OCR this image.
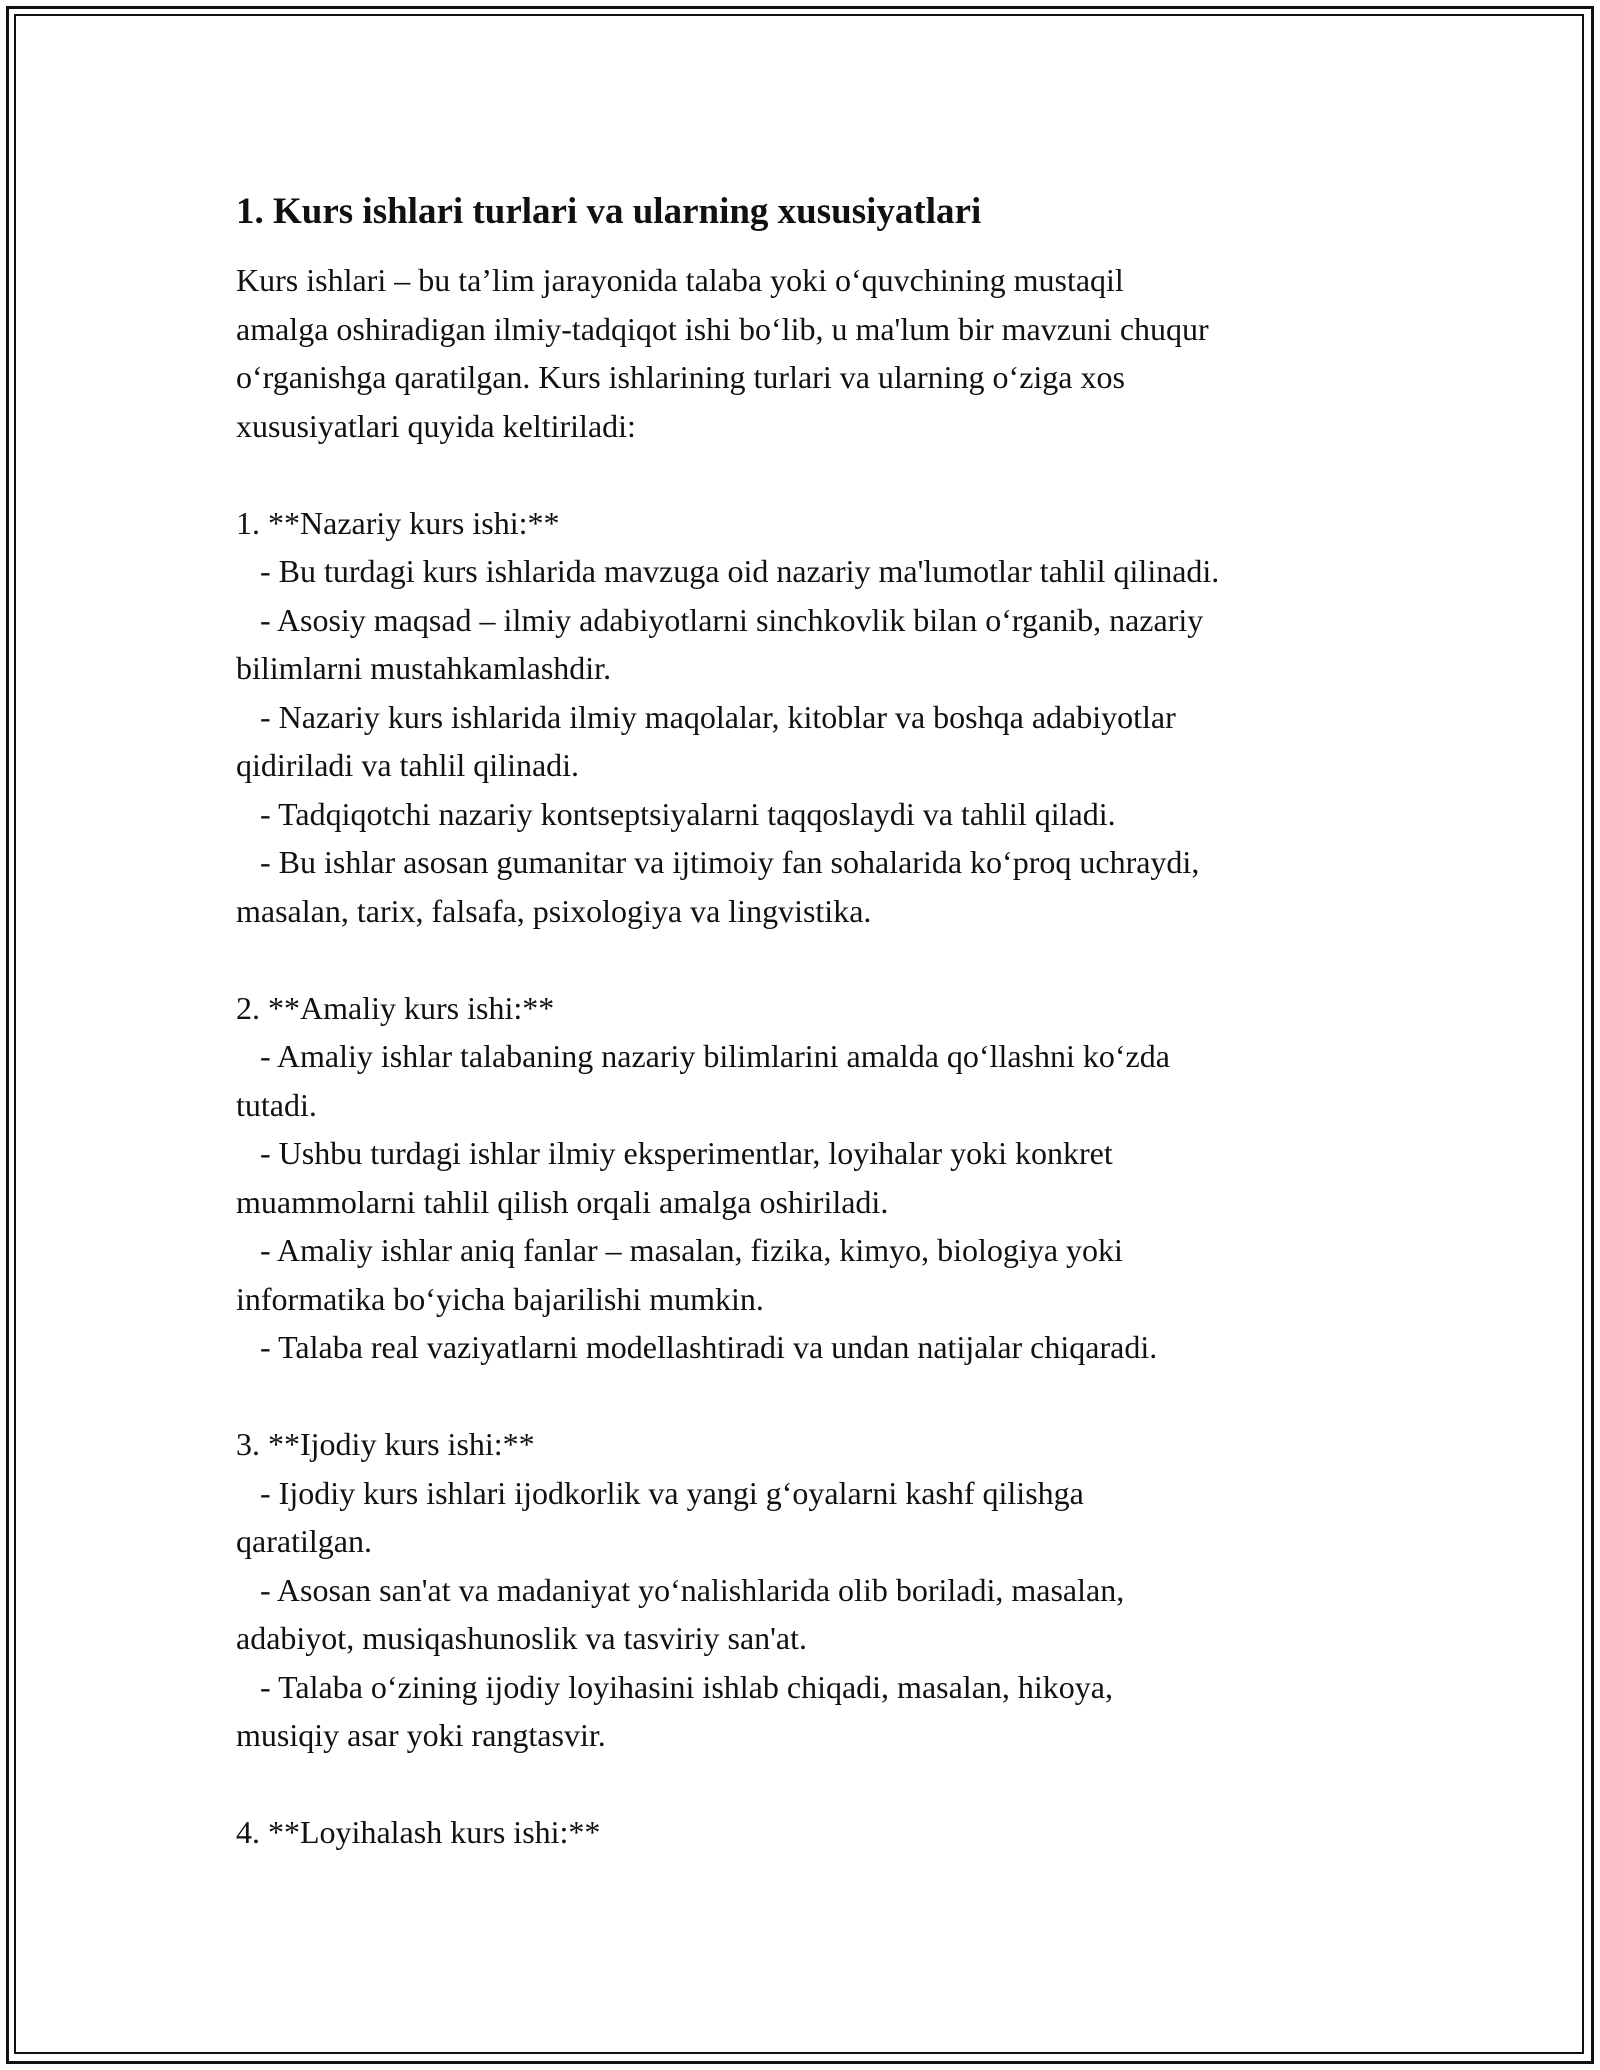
1. Kurs ishlari turlari va ularning xususiyatlari

Kurs ishlari – bu ta’lim jarayonida talaba yoki o‘quvchining mustaqil

amalga oshiradigan ilmiy-tadqiqot ishi bo‘lib, u ma'lum bir mavzuni chuqur

o‘rganishga qaratilgan. Kurs ishlarining turlari va ularning o‘ziga xos

xususiyatlari quyida keltiriladi:

1. **Nazariy kurs ishi:**

- Bu turdagi kurs ishlarida mavzuga oid nazariy ma'lumotlar tahlil qilinadi.

- Asosiy maqsad – ilmiy adabiyotlarni sinchkovlik bilan o‘rganib, nazariy

bilimlarni mustahkamlashdir.

- Nazariy kurs ishlarida ilmiy maqolalar, kitoblar va boshqa adabiyotlar

qidiriladi va tahlil qilinadi.

- Tadqiqotchi nazariy kontseptsiyalarni taqqoslaydi va tahlil qiladi.

- Bu ishlar asosan gumanitar va ijtimoiy fan sohalarida ko‘proq uchraydi,

masalan, tarix, falsafa, psixologiya va lingvistika.

2. **Amaliy kurs ishi:**

- Amaliy ishlar talabaning nazariy bilimlarini amalda qo‘llashni ko‘zda

tutadi.

- Ushbu turdagi ishlar ilmiy eksperimentlar, loyihalar yoki konkret

muammolarni tahlil qilish orqali amalga oshiriladi.

- Amaliy ishlar aniq fanlar – masalan, fizika, kimyo, biologiya yoki

informatika bo‘yicha bajarilishi mumkin.

- Talaba real vaziyatlarni modellashtiradi va undan natijalar chiqaradi.

3. **Ijodiy kurs ishi:**

- Ijodiy kurs ishlari ijodkorlik va yangi g‘oyalarni kashf qilishga

qaratilgan.

- Asosan san'at va madaniyat yo‘nalishlarida olib boriladi, masalan,

adabiyot, musiqashunoslik va tasviriy san'at.

- Talaba o‘zining ijodiy loyihasini ishlab chiqadi, masalan, hikoya,

musiqiy asar yoki rangtasvir.

4. **Loyihalash kurs ishi:**
